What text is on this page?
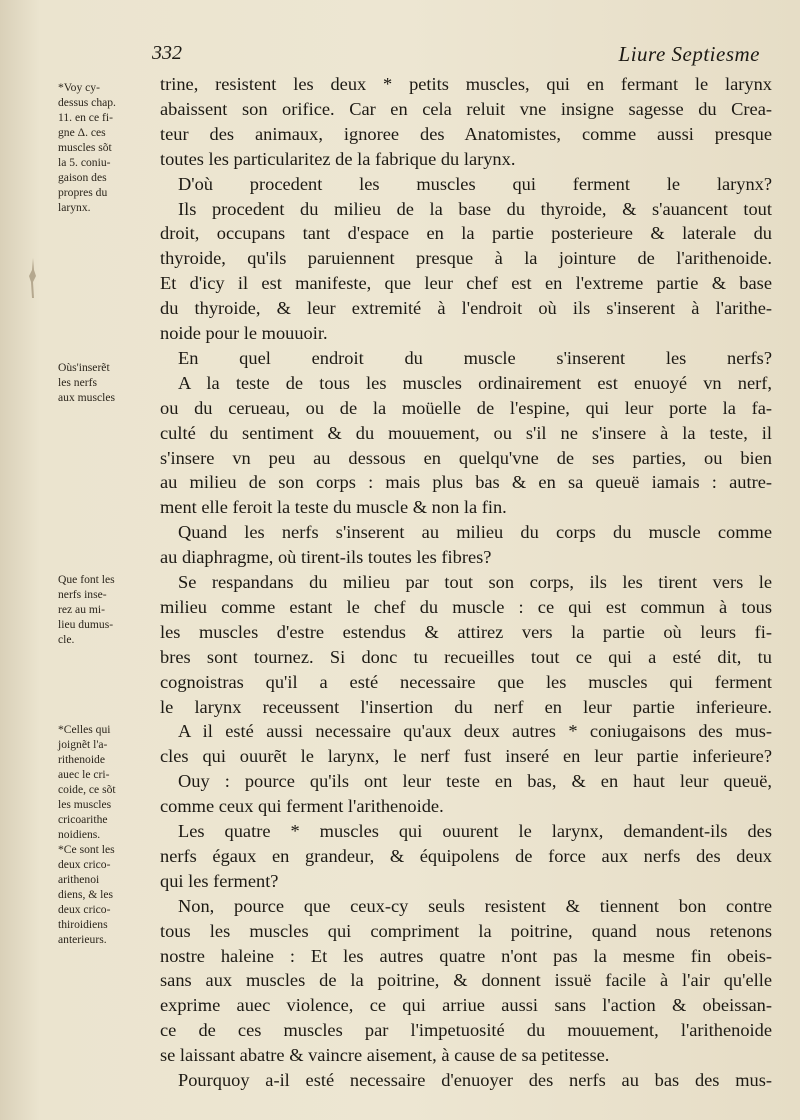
332	Liure Septiesme
*Voy cy-
dessus chap.
11. en ce fi-
gne Δ. ces
muscles sõt
la 5. coniu-
gaison des
propres du
larynx.
Oùs'inserẽt
les nerfs
aux muscles
Que font les
nerfs inse-
rez au mi-
lieu dumus-
cle.
*Celles qui
joignẽt l'a-
rithenoide
auec le cri-
coide, ce sõt
les muscles
cricoarithe
noidiens.
*Ce sont les
deux crico-
arithenoi
diens, & les
deux crico-
thiroidiens
anterieurs.
trine, resistent les deux * petits muscles, qui en fermant le larynx
abaissent son orifice. Car en cela reluit vne insigne sagesse du Crea-
teur des animaux, ignoree des Anatomistes, comme aussi presque
toutes les particularitez de la fabrique du larynx.
D'où procedent les muscles qui ferment le larynx?
Ils procedent du milieu de la base du thyroide, & s'auancent tout
droit, occupans tant d'espace en la partie posterieure & laterale du
thyroide, qu'ils paruiennent presque à la jointure de l'arithenoide.
Et d'icy il est manifeste, que leur chef est en l'extreme partie & base
du thyroide, & leur extremité à l'endroit où ils s'inserent à l'arithe-
noide pour le mouuoir.
En quel endroit du muscle s'inserent les nerfs?
A la teste de tous les muscles ordinairement est enuoyé vn nerf,
ou du cerueau, ou de la moüelle de l'espine, qui leur porte la fa-
culté du sentiment & du mouuement, ou s'il ne s'insere à la teste, il
s'insere vn peu au dessous en quelqu'vne de ses parties, ou bien
au milieu de son corps : mais plus bas & en sa queuë iamais : autre-
ment elle feroit la teste du muscle & non la fin.
Quand les nerfs s'inserent au milieu du corps du muscle comme
au diaphragme, où tirent-ils toutes les fibres?
Se respandans du milieu par tout son corps, ils les tirent vers le
milieu comme estant le chef du muscle : ce qui est commun à tous
les muscles d'estre estendus & attirez vers la partie où leurs fi-
bres sont tournez. Si donc tu recueilles tout ce qui a esté dit, tu
cognoistras qu'il a esté necessaire que les muscles qui ferment
le larynx receussent l'insertion du nerf en leur partie inferieure.
A il esté aussi necessaire qu'aux deux autres * coniugaisons des mus-
cles qui ouurẽt le larynx, le nerf fust inseré en leur partie inferieure?
Ouy : pource qu'ils ont leur teste en bas, & en haut leur queuë,
comme ceux qui ferment l'arithenoide.
Les quatre * muscles qui ouurent le larynx, demandent-ils des
nerfs égaux en grandeur, & équipolens de force aux nerfs des deux
qui les ferment?
Non, pource que ceux-cy seuls resistent & tiennent bon contre
tous les muscles qui compriment la poitrine, quand nous retenons
nostre haleine : Et les autres quatre n'ont pas la mesme fin obeis-
sans aux muscles de la poitrine, & donnent issuë facile à l'air qu'elle
exprime auec violence, ce qui arriue aussi sans l'action & obeissan-
ce de ces muscles par l'impetuosité du mouuement, l'arithenoide
se laissant abatre & vaincre aisement, à cause de sa petitesse.
Pourquoy a-il esté necessaire d'enuoyer des nerfs au bas des mus-
